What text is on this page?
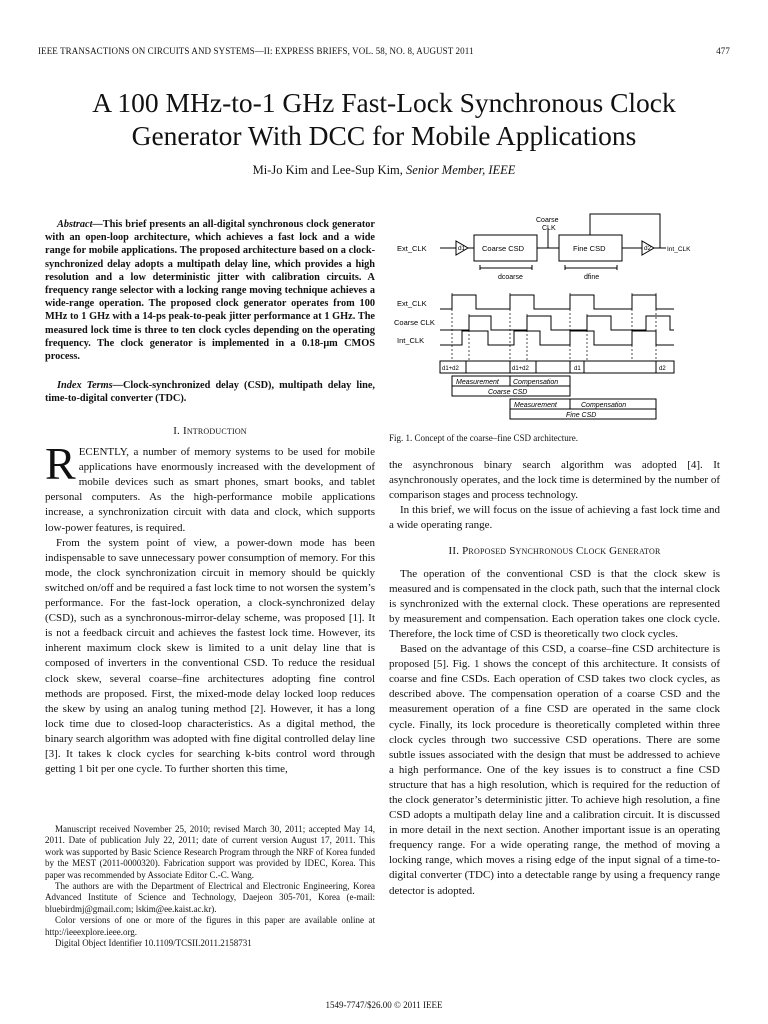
IEEE TRANSACTIONS ON CIRCUITS AND SYSTEMS—II: EXPRESS BRIEFS, VOL. 58, NO. 8, AUGUST 2011	477
A 100 MHz-to-1 GHz Fast-Lock Synchronous Clock
Generator With DCC for Mobile Applications
Mi-Jo Kim and Lee-Sup Kim, Senior Member, IEEE
Abstract—This brief presents an all-digital synchronous clock generator with an open-loop architecture, which achieves a fast lock and a wide range for mobile applications. The proposed architecture based on a clock-synchronized delay adopts a multipath delay line, which provides a high resolution and a low deterministic jitter with calibration circuits. A frequency range selector with a locking range moving technique achieves a wide-range operation. The proposed clock generator operates from 100 MHz to 1 GHz with a 14-ps peak-to-peak jitter performance at 1 GHz. The measured lock time is three to ten clock cycles depending on the operating frequency. The clock generator is implemented in a 0.18-μm CMOS process.
Index Terms—Clock-synchronized delay (CSD), multipath delay line, time-to-digital converter (TDC).
I. Introduction

RECENTLY, a number of memory systems to be used for mobile applications have enormously increased with the development of mobile devices such as smart phones, smart books, and tablet personal computers. As the high-performance mobile applications increase, a synchronization circuit with data and clock, which supports low-power features, is required.

From the system point of view, a power-down mode has been indispensable to save unnecessary power consumption of memory. For this mode, the clock synchronization circuit in memory should be quickly switched on/off and be required a fast lock time to not worsen the system’s performance. For the fast-lock operation, a clock-synchronized delay (CSD), such as a synchronous-mirror-delay scheme, was proposed [1]. It is not a feedback circuit and achieves the fastest lock time. However, its inherent maximum clock skew is limited to a unit delay line that is composed of inverters in the conventional CSD. To reduce the residual clock skew, several coarse–fine architectures adopting fine control methods are proposed. First, the mixed-mode delay locked loop reduces the skew by using an analog tuning method [2]. However, it has a long lock time due to closed-loop characteristics. As a digital method, the binary search algorithm was adopted with fine digital controlled delay line [3]. It takes k clock cycles for searching k-bits control word through getting 1 bit per one cycle. To further shorten this time,

Manuscript received November 25, 2010; revised March 30, 2011; accepted May 14, 2011. Date of publication July 22, 2011; date of current version August 17, 2011. This work was supported by Basic Science Research Program through the NRF of Korea funded by the MEST (2011-0000320). Fabrication support was provided by IDEC, Korea. This paper was recommended by Associate Editor C.-C. Wang.

The authors are with the Department of Electrical and Electronic Engineering, Korea Advanced Institute of Science and Technology, Daejeon 305-701, Korea (e-mail: bluebirdmj@gmail.com; lskim@ee.kaist.ac.kr).

Color versions of one or more of the figures in this paper are available online at http://ieeexplore.ieee.org.

Digital Object Identifier 10.1109/TCSII.2011.2158731

Ext_CLK	d1 Coarse CSD
Coarse
CLK
Fine CSD	d2 Int_CLK
dcoarse	dfine
Ext_CLK
Coarse CLK
Int_CLK
d1+d2	d1+d2	d1	d2
Measurement Compensation
Coarse CSD
Measurement	Compensation
Fine CSD
Fig. 1. Concept of the coarse–fine CSD architecture.

the asynchronous binary search algorithm was adopted [4]. It asynchronously operates, and the lock time is determined by the number of comparison stages and process technology.

In this brief, we will focus on the issue of achieving a fast lock time and a wide operating range.

II. Proposed Synchronous Clock Generator

The operation of the conventional CSD is that the clock skew is measured and is compensated in the clock path, such that the internal clock is synchronized with the external clock. These operations are represented by measurement and compensation. Each operation takes one clock cycle. Therefore, the lock time of CSD is theoretically two clock cycles.

Based on the advantage of this CSD, a coarse–fine CSD architecture is proposed [5]. Fig. 1 shows the concept of this architecture. It consists of coarse and fine CSDs. Each operation of CSD takes two clock cycles, as described above. The compensation operation of a coarse CSD and the measurement operation of a fine CSD are operated in the same clock cycle. Finally, its lock procedure is theoretically completed within three clock cycles through two successive CSD operations. There are some subtle issues associated with the design that must be addressed to achieve a high performance. One of the key issues is to construct a fine CSD structure that has a high resolution, which is required for the reduction of the clock generator’s deterministic jitter. To achieve high resolution, a fine CSD adopts a multipath delay line and a calibration circuit. It is discussed in more detail in the next section. Another important issue is an operating frequency range. For a wide operating range, the method of moving a locking range, which moves a rising edge of the input signal of a time-to-digital converter (TDC) into a detectable range by using a frequency range detector is adopted.

1549-7747/$26.00 © 2011 IEEE
